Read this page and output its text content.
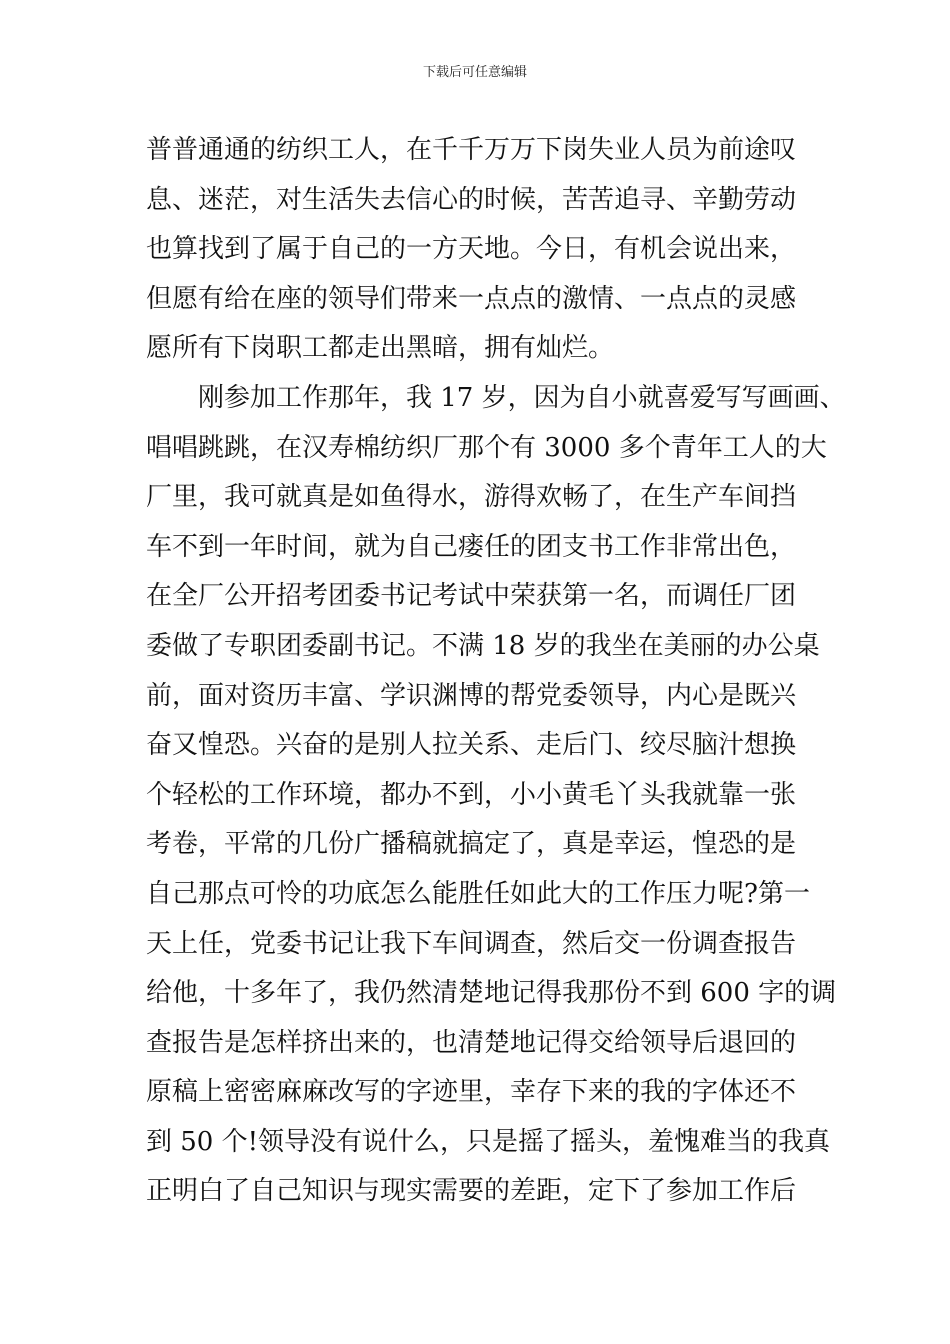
下载后可任意编辑
普普通通的纺织工人，在千千万万下岗失业人员为前途叹
息、迷茫，对生活失去信心的时候，苦苦追寻、辛勤劳动
也算找到了属于自己的一方天地。今日，有机会说出来，
但愿有给在座的领导们带来一点点的激情、一点点的灵感
愿所有下岗职工都走出黑暗，拥有灿烂。
刚参加工作那年，我 17 岁，因为自小就喜爱写写画画、
唱唱跳跳，在汉寿棉纺织厂那个有 3000 多个青年工人的大
厂里，我可就真是如鱼得水，游得欢畅了，在生产车间挡
车不到一年时间，就为自己瘘任的团支书工作非常出色，
在全厂公开招考团委书记考试中荣获第一名，而调任厂团
委做了专职团委副书记。不满 18 岁的我坐在美丽的办公桌
前，面对资历丰富、学识渊博的帮党委领导，内心是既兴
奋又惶恐。兴奋的是别人拉关系、走后门、绞尽脑汁想换
个轻松的工作环境，都办不到，小小黄毛丫头我就靠一张
考卷，平常的几份广播稿就搞定了，真是幸运，惶恐的是
自己那点可怜的功底怎么能胜任如此大的工作压力呢?第一
天上任，党委书记让我下车间调查，然后交一份调查报告
给他，十多年了，我仍然清楚地记得我那份不到 600 字的调
查报告是怎样挤出来的，也清楚地记得交给领导后退回的
原稿上密密麻麻改写的字迹里，幸存下来的我的字体还不
到 50 个!领导没有说什么，只是摇了摇头，羞愧难当的我真
正明白了自己知识与现实需要的差距，定下了参加工作后
